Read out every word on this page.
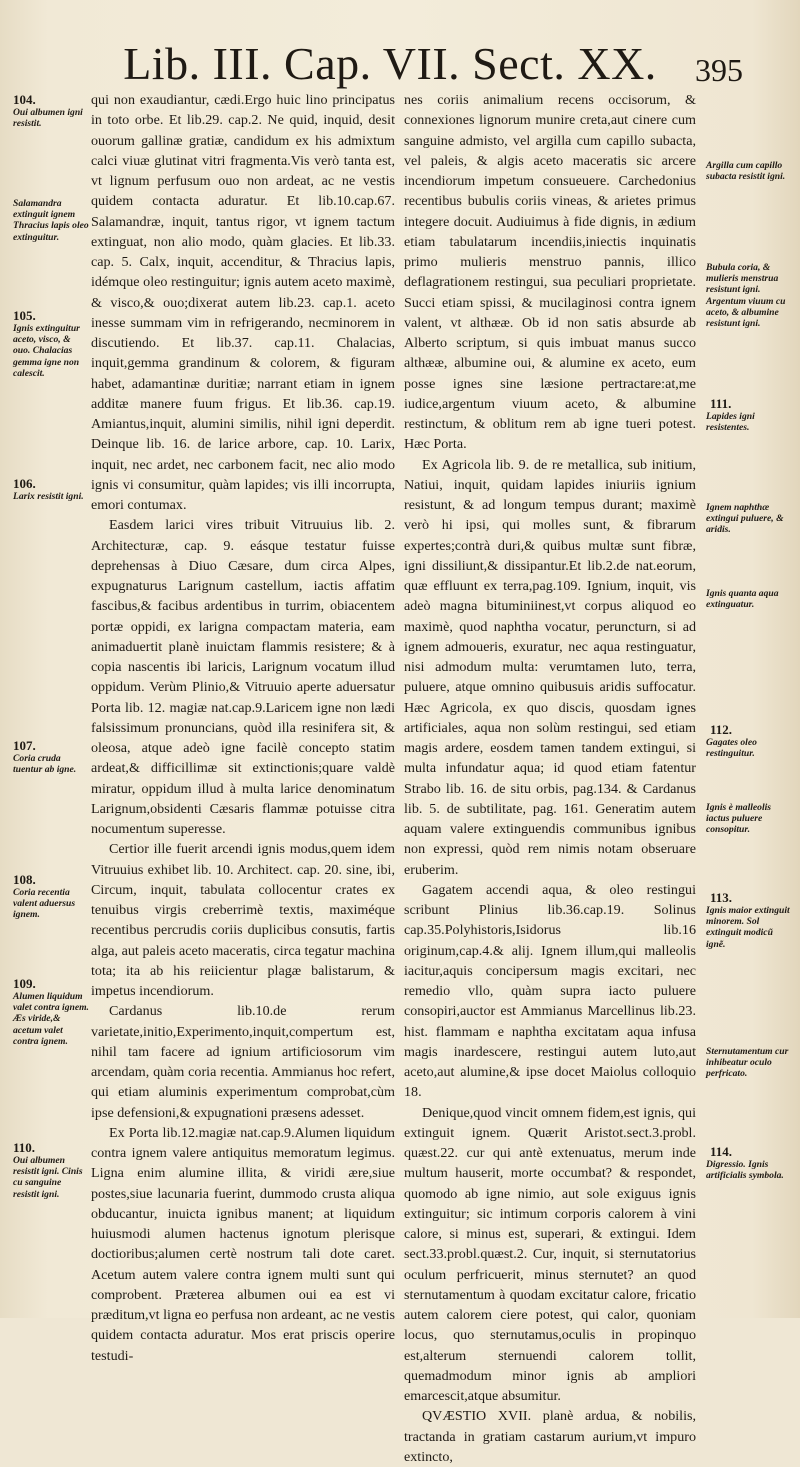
Lib. III. Cap. VII. Sect. XX.	395
104.
Oui albumen igni resistit.
Salamandra extinguit ignem Thracius lapis oleo extinguitur.
105.
Ignis extinguitur aceto, visco, & ouo. Chalacias gemma igne non calescit.
106.
Larix resistit igni.
107.
Coria cruda tuentur ab igne.
108.
Coria recentia valent aduersus ignem.
109.
Alumen liquidum valet contra ignem. Æs viride,& acetum valet contra ignem.
110.
Oui albumen resistit igni. Cinis cu sanguine resistit igni.

qui non exaudiantur, cædi.Ergo huic lino principatus in toto orbe. Et lib.29. cap.2. Ne quid, inquid, desit ouorum gallinæ gratiæ, candidum ex his admixtum calci viuæ glutinat vitri fragmenta.Vis verò tanta est, vt lignum perfusum ouo non ardeat, ac ne vestis quidem contacta aduratur. Et lib.10.cap.67. Salamandræ, inquit, tantus rigor, vt ignem tactum extinguat, non alio modo, quàm glacies. Et lib.33. cap. 5. Calx, inquit, accenditur, & Thracius lapis, idémque oleo restinguitur; ignis autem aceto maximè, & visco,& ouo;dixerat autem lib.23. cap.1. aceto inesse summam vim in refrigerando, necminorem in discutiendo. Et lib.37. cap.11. Chalacias, inquit,gemma grandinum & colorem, & figuram habet, adamantinæ duritiæ; narrant etiam in ignem additæ manere fuum frigus. Et lib.36. cap.19. Amiantus,inquit, alumini similis, nihil igni deperdit. Deinque lib. 16. de larice arbore, cap. 10. Larix, inquit, nec ardet, nec carbonem facit, nec alio modo ignis vi consumitur, quàm lapides; vis illi incorrupta, emori contumax.

Easdem larici vires tribuit Vitruuius lib. 2. Architecturæ, cap. 9. eásque testatur fuisse deprehensas à Diuo Cæsare, dum circa Alpes, expugnaturus Larignum castellum, iactis affatim fascibus,& facibus ardentibus in turrim, obiacentem portæ oppidi, ex larigna compactam materia, eam animaduertit planè inuictam flammis resistere; & à copia nascentis ibi laricis, Larignum vocatum illud oppidum. Verùm Plinio,& Vitruuio aperte aduersatur Porta lib. 12. magiæ nat.cap.9.Laricem igne non lædi falsissimum pronuncians, quòd illa resinifera sit, & oleosa, atque adeò igne facilè concepto statim ardeat,& difficillimæ sit extinctionis;quare valdè miratur, oppidum illud à multa larice denominatum Larignum,obsidenti Cæsaris flammæ potuisse citra nocumentum superesse.

Certior ille fuerit arcendi ignis modus,quem idem Vitruuius exhibet lib. 10. Architect. cap. 20. sine, ibi, Circum, inquit, tabulata collocentur crates ex tenuibus virgis creberrimè textis, maximéque recentibus percrudis coriis duplicibus consutis, fartis alga, aut paleis aceto maceratis, circa tegatur machina tota; ita ab his reiicientur plagæ balistarum, & impetus incendiorum.

Cardanus lib.10.de rerum varietate,initio,Experimento,inquit,compertum est, nihil tam facere ad ignium artificiosorum vim arcendam, quàm coria recentia. Ammianus hoc refert, qui etiam aluminis experimentum comprobat,cùm ipse defensioni,& expugnationi præsens adesset.

Ex Porta lib.12.magiæ nat.cap.9.Alumen liquidum contra ignem valere antiquitus memoratum legimus. Ligna enim alumine illita, & viridi ære,siue postes,siue lacunaria fuerint, dummodo crusta aliqua obducantur, inuicta ignibus manent; at liquidum huiusmodi alumen hactenus ignotum plerisque doctioribus;alumen certè nostrum tali dote caret. Acetum autem valere contra ignem multi sunt qui comprobent. Præterea albumen oui ea est vi præditum,vt ligna eo perfusa non ardeant, ac ne vestis quidem contacta aduratur. Mos erat priscis operire testudi-

nes coriis animalium recens occisorum, & connexiones lignorum munire creta,aut cinere cum sanguine admisto, vel argilla cum capillo subacta, vel paleis, & algis aceto maceratis sic arcere incendiorum impetum consueuere. Carchedonius recentibus bubulis coriis vineas, & arietes primus integere docuit. Audiuimus à fide dignis, in ædium etiam tabulatarum incendiis,iniectis inquinatis primo mulieris menstruo pannis, illico deflagrationem restingui, sua peculiari proprietate. Succi etiam spissi, & mucilaginosi contra ignem valent, vt althææ. Ob id non satis absurde ab Alberto scriptum, si quis imbuat manus succo althææ, albumine oui, & alumine ex aceto, eum posse ignes sine læsione pertractare:at,me iudice,argentum viuum aceto, & albumine restinctum, & oblitum rem ab igne tueri potest. Hæc Porta.

Ex Agricola lib. 9. de re metallica, sub initium, Natiui, inquit, quidam lapides iniuriis ignium resistunt, & ad longum tempus durant; maximè verò hi ipsi, qui molles sunt, & fibrarum expertes;contrà duri,& quibus multæ sunt fibræ, igni dissiliunt,& dissipantur.Et lib.2.de nat.eorum, quæ effluunt ex terra,pag.109. Ignium, inquit, vis adeò magna bituminiinest,vt corpus aliquod eo maximè, quod naphtha vocatur, peruncturn, si ad ignem admoueris, exuratur, nec aqua restinguatur, nisi admodum multa: verumtamen luto, terra, puluere, atque omnino quibusuis aridis suffocatur. Hæc Agricola, ex quo discis, quosdam ignes artificiales, aqua non solùm restingui, sed etiam magis ardere, eosdem tamen tandem extingui, si multa infundatur aqua; id quod etiam fatentur Strabo lib. 16. de situ orbis, pag.134. & Cardanus lib. 5. de subtilitate, pag. 161. Generatim autem aquam valere extinguendis communibus ignibus non expressi, quòd rem nimis notam obseruare eruberim.

Gagatem accendi aqua, & oleo restingui scribunt Plinius lib.36.cap.19. Solinus cap.35.Polyhistoris,Isidorus lib.16 originum,cap.4.& alij. Ignem illum,qui malleolis iacitur,aquis concipersum magis excitari, nec remedio vllo, quàm supra iacto puluere consopiri,auctor est Ammianus Marcellinus lib.23. hist. flammam e naphtha excitatam aqua infusa magis inardescere, restingui autem luto,aut aceto,aut alumine,& ipse docet Maiolus colloquio 18.

Denique,quod vincit omnem fidem,est ignis, qui extinguit ignem. Quærit Aristot.sect.3.probl. quæst.22. cur qui antè extenuatus, merum inde multum hauserit, morte occumbat? & respondet, quomodo ab igne nimio, aut sole exiguus ignis extinguitur; sic intimum corporis calorem à vini calore, si minus est, superari, & extingui. Idem sect.33.probl.quæst.2. Cur, inquit, si sternutatorius oculum perfricuerit, minus sternutet? an quod sternutamentum à quodam excitatur calore, fricatio autem calorem ciere potest, qui calor, quoniam locus, quo sternutamus,oculis in propinquo est,alterum sternuendi calorem tollit, quemadmodum minor ignis ab ampliori emarcescit,atque absumitur.

QVÆSTIO XVII. planè ardua, & nobilis, tractanda in gratiam castarum aurium,vt impuro extincto,

Argilla cum capillo subacta resistit igni.
Bubula coria, & mulieris menstrua resistunt igni. Argentum viuum cu aceto, & albumine resistunt igni.
111.
Lapides igni resistentes.
Ignem naphthæ extingui puluere, & aridis.
Ignis quanta aqua extinguatur.
112.
Gagates oleo restinguitur.
Ignis è malleolis iactus puluere consopitur.
113.
Ignis maior extinguit minorem. Sol extinguit modicũ ignẽ.
Sternutamentum cur inhibeatur oculo perfricato.
114.
Digressio. Ignis artificialis symbola.
